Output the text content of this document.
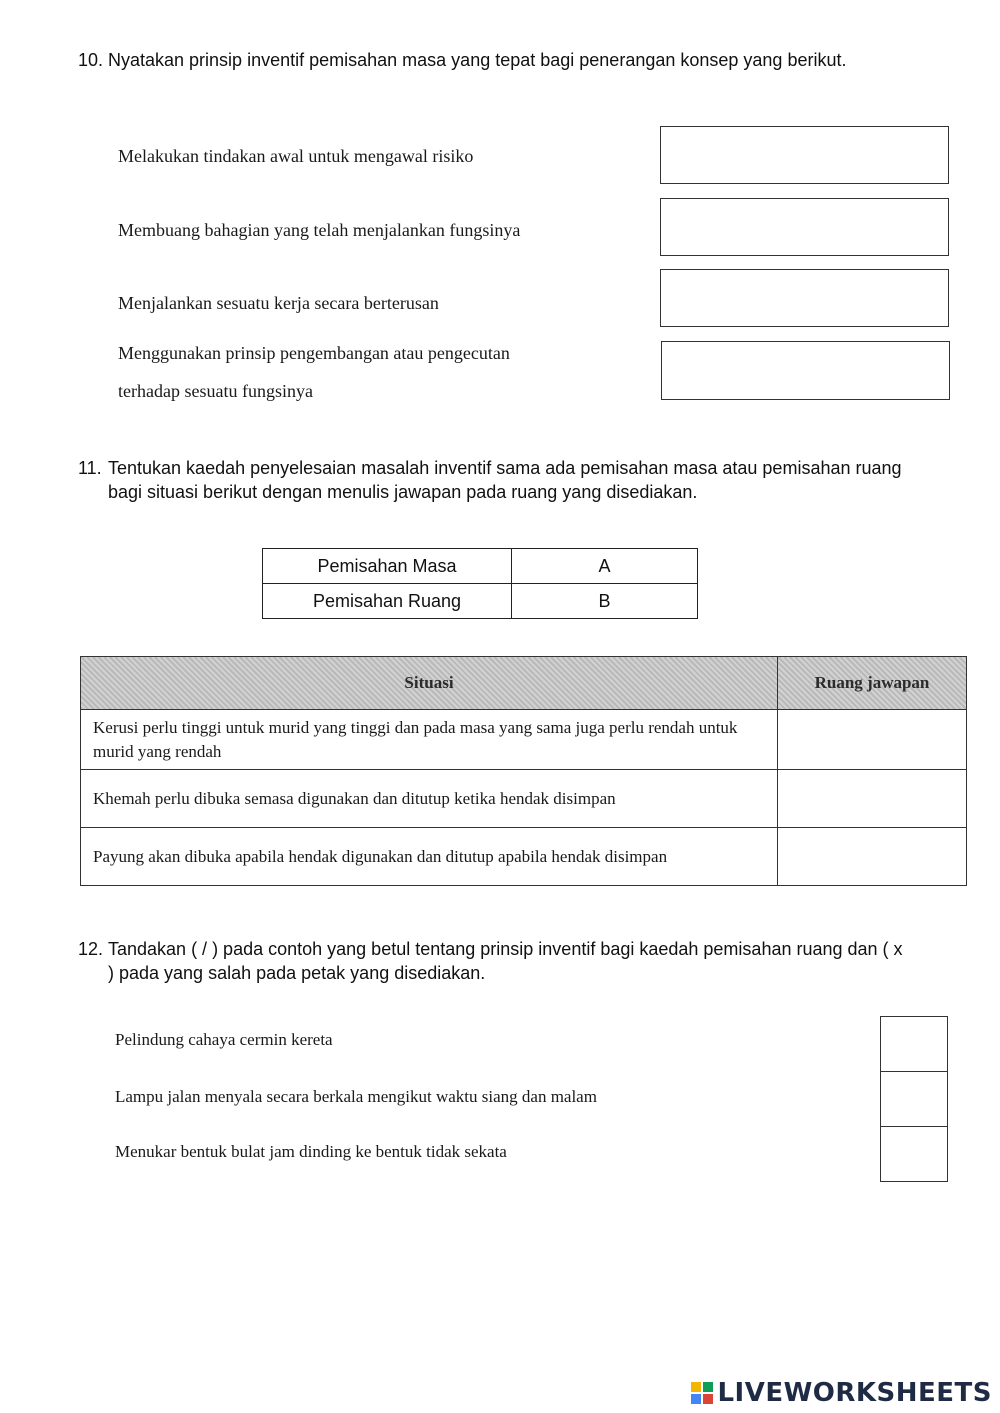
10. Nyatakan prinsip inventif pemisahan masa yang tepat bagi penerangan konsep yang berikut.
Melakukan tindakan awal untuk mengawal risiko
Membuang bahagian yang telah menjalankan fungsinya
Menjalankan sesuatu kerja secara berterusan
Menggunakan prinsip pengembangan atau pengecutan
terhadap sesuatu fungsinya
11. Tentukan kaedah penyelesaian masalah inventif sama ada pemisahan masa atau pemisahan ruang bagi situasi berikut dengan menulis jawapan pada ruang yang disediakan.
Pemisahan Masa	A
Pemisahan Ruang	B
Situasi	Ruang jawapan
Kerusi perlu tinggi untuk murid yang tinggi dan pada masa yang sama juga perlu rendah untuk murid yang rendah	
Khemah perlu dibuka semasa digunakan dan ditutup ketika hendak disimpan	
Payung akan dibuka apabila hendak digunakan dan ditutup apabila hendak disimpan	
12. Tandakan ( / ) pada contoh yang betul tentang prinsip inventif bagi kaedah pemisahan ruang dan ( x ) pada yang salah pada petak yang disediakan.
Pelindung cahaya cermin kereta
Lampu jalan menyala secara berkala mengikut waktu siang dan malam
Menukar bentuk bulat jam dinding ke bentuk tidak sekata
LIVEWORKSHEETS
